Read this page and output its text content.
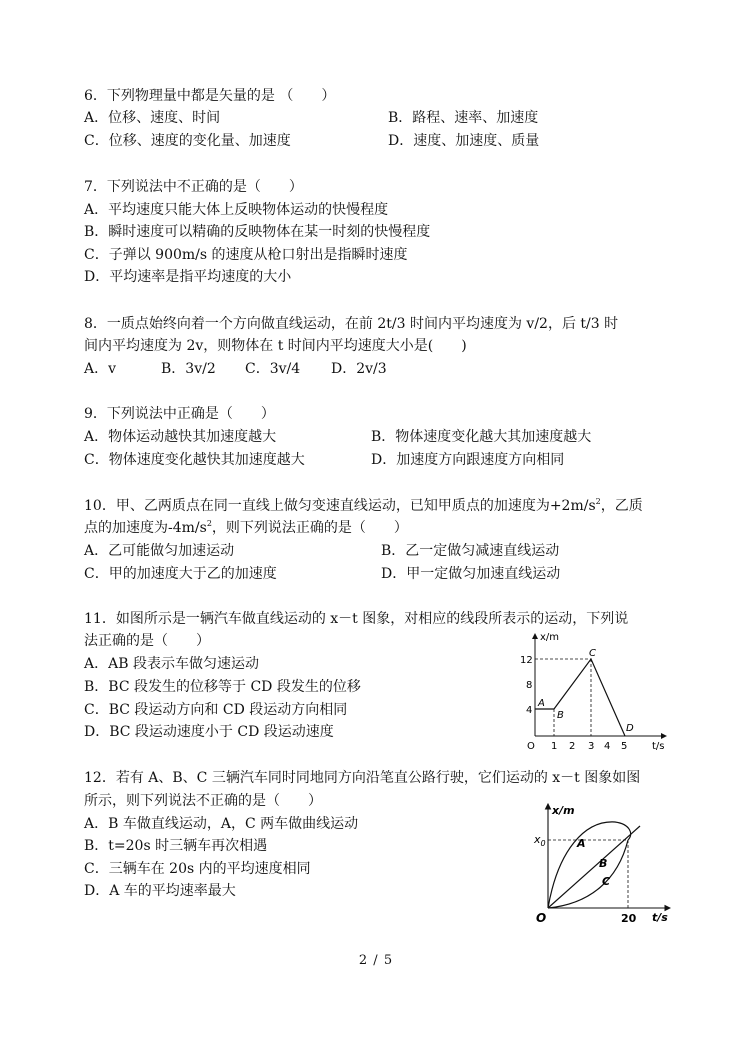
6．下列物理量中都是矢量的是 （　　）
A．位移、速度、时间	B．路程、速率、加速度
C．位移、速度的变化量、加速度	D．速度、加速度、质量
7．下列说法中不正确的是（　　）
A．平均速度只能大体上反映物体运动的快慢程度
B．瞬时速度可以精确的反映物体在某一时刻的快慢程度
C．子弹以 900m/s 的速度从枪口射出是指瞬时速度
D．平均速率是指平均速度的大小
8．一质点始终向着一个方向做直线运动，在前 2t/3 时间内平均速度为 v/2，后 t/3 时
间内平均速度为 2v，则物体在 t 时间内平均速度大小是(　　)
A．v	B．3v/2 C．3v/4 D．2v/3
9．下列说法中正确是（　　）
A．物体运动越快其加速度越大	B．物体速度变化越大其加速度越大
C．物体速度变化越快其加速度越大	D．加速度方向跟速度方向相同
10．甲、乙两质点在同一直线上做匀变速直线运动，已知甲质点的加速度为$+2m/s^2$，乙质
点的加速度为$-4m/s^2$，则下列说法正确的是（　　）
A．乙可能做匀加速运动	B．乙一定做匀减速直线运动
C．甲的加速度大于乙的加速度	D．甲一定做匀加速直线运动
11．如图所示是一辆汽车做直线运动的 x－t 图象，对相应的线段所表示的运动，下列说
法正确的是（　　）
A．AB 段表示车做匀速运动
B．BC 段发生的位移等于 CD 段发生的位移
C．BC 段运动方向和 CD 段运动方向相同
D．BC 段运动速度小于 CD 段运动速度
x/m
t/s
O 1 2 3 4 5
4
8
12
A
B
C
D
12．若有 A、B、C 三辆汽车同时同地同方向沿笔直公路行驶，它们运动的 x－t 图象如图
所示，则下列说法不正确的是（　　）
A．B 车做直线运动，A，C 两车做曲线运动
B．t=20s 时三辆车再次相遇
C．三辆车在 20s 内的平均速度相同
D．A 车的平均速率最大
x/m
t/s
O
$x_0$
20
A
B
C
2 / 5
